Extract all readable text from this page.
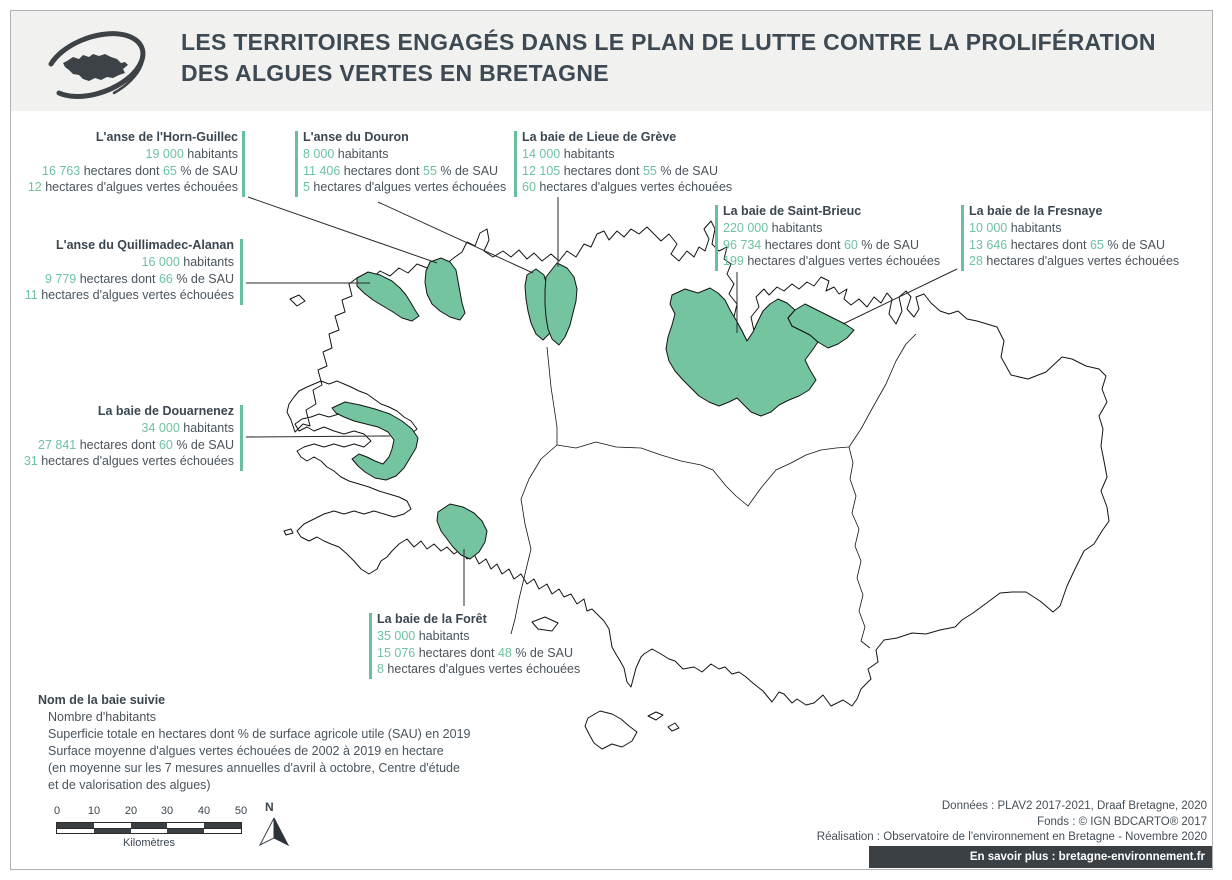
LES TERRITOIRES ENGAGÉS DANS LE PLAN DE LUTTE CONTRE LA PROLIFÉRATION
DES ALGUES VERTES EN BRETAGNE
L'anse de l'Horn-Guillec
19 000 habitants
16 763 hectares dont 65 % de SAU
12 hectares d'algues vertes échouées
L'anse du Douron
8 000 habitants
11 406 hectares dont 55 % de SAU
5 hectares d'algues vertes échouées
La baie de Lieue de Grève
14 000 habitants
12 105 hectares dont 55 % de SAU
60 hectares d'algues vertes échouées
La baie de Saint-Brieuc
220 000 habitants
96 734 hectares dont 60 % de SAU
199 hectares d'algues vertes échouées
La baie de la Fresnaye
10 000 habitants
13 646 hectares dont 65 % de SAU
28 hectares d'algues vertes échouées
L'anse du Quillimadec-Alanan
16 000 habitants
9 779 hectares dont 66 % de SAU
11 hectares d'algues vertes échouées
La baie de Douarnenez
34 000 habitants
27 841 hectares dont 60 % de SAU
31 hectares d'algues vertes échouées
La baie de la Forêt
35 000 habitants
15 076 hectares dont 48 % de SAU
8 hectares d'algues vertes échouées
Nom de la baie suivie
Nombre d'habitants
Superficie totale en hectares dont % de surface agricole utile (SAU) en 2019
Surface moyenne d'algues vertes échouées de 2002 à 2019 en hectare
(en moyenne sur les 7 mesures annuelles d'avril à octobre, Centre d'étude
et de valorisation des algues)
0	10 20 30 40 50
Kilomètres
N	Données : PLAV2 2017-2021, Draaf Bretagne, 2020
Fonds : © IGN BDCARTO® 2017
Réalisation : Observatoire de l'environnement en Bretagne - Novembre 2020
En savoir plus : bretagne-environnement.fr
